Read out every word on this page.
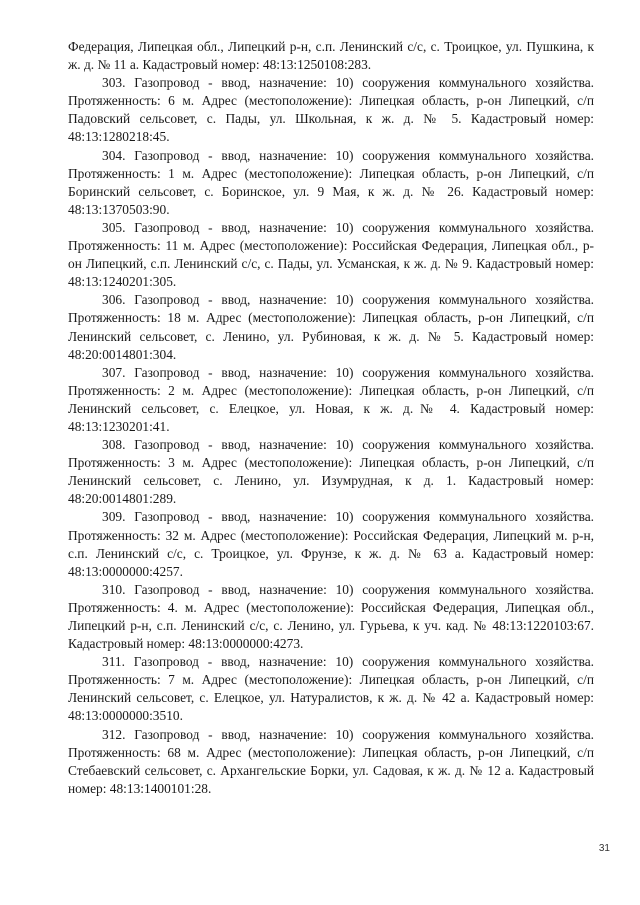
Федерация, Липецкая обл., Липецкий р-н, с.п. Ленинский с/с, с. Троицкое, ул. Пушкина, к ж. д. № 11 а. Кадастровый номер: 48:13:1250108:283.

303. Газопровод - ввод, назначение: 10) сооружения коммунального хозяйства. Протяженность: 6 м. Адрес (местоположение): Липецкая область, р-он Липецкий, с/п Падовский сельсовет, с. Пады, ул. Школьная, к ж. д. № 5. Кадастровый номер: 48:13:1280218:45.

304. Газопровод - ввод, назначение: 10) сооружения коммунального хозяйства. Протяженность: 1 м. Адрес (местоположение): Липецкая область, р-он Липецкий, с/п Боринский сельсовет, с. Боринское, ул. 9 Мая, к ж. д. № 26. Кадастровый номер: 48:13:1370503:90.

305. Газопровод - ввод, назначение: 10) сооружения коммунального хозяйства. Протяженность: 11 м. Адрес (местоположение): Российская Федерация, Липецкая обл., р-он Липецкий, с.п. Ленинский с/с, с. Пады, ул. Усманская, к ж. д. № 9. Кадастровый номер: 48:13:1240201:305.

306. Газопровод - ввод, назначение: 10) сооружения коммунального хозяйства. Протяженность: 18 м. Адрес (местоположение): Липецкая область, р-он Липецкий, с/п Ленинский сельсовет, с. Ленино, ул. Рубиновая, к ж. д. № 5. Кадастровый номер: 48:20:0014801:304.

307. Газопровод - ввод, назначение: 10) сооружения коммунального хозяйства. Протяженность: 2 м. Адрес (местоположение): Липецкая область, р-он Липецкий, с/п Ленинский сельсовет, с. Елецкое, ул. Новая, к ж. д.№ 4. Кадастровый номер: 48:13:1230201:41.

308. Газопровод - ввод, назначение: 10) сооружения коммунального хозяйства. Протяженность: 3 м. Адрес (местоположение): Липецкая область, р-он Липецкий, с/п Ленинский сельсовет, с. Ленино, ул. Изумрудная, к д. 1. Кадастровый номер: 48:20:0014801:289.

309. Газопровод - ввод, назначение: 10) сооружения коммунального хозяйства. Протяженность: 32 м. Адрес (местоположение): Российская Федерация, Липецкий м. р-н, с.п. Ленинский с/с, с. Троицкое, ул. Фрунзе, к ж. д. № 63 а. Кадастровый номер: 48:13:0000000:4257.

310. Газопровод - ввод, назначение: 10) сооружения коммунального хозяйства. Протяженность: 4. м. Адрес (местоположение): Российская Федерация, Липецкая обл., Липецкий р-н, с.п. Ленинский с/с, с. Ленино, ул. Гурьева, к уч. кад. № 48:13:1220103:67. Кадастровый номер: 48:13:0000000:4273.

311. Газопровод - ввод, назначение: 10) сооружения коммунального хозяйства. Протяженность: 7 м. Адрес (местоположение): Липецкая область, р-он Липецкий, с/п Ленинский сельсовет, с. Елецкое, ул. Натуралистов, к ж. д. № 42 а. Кадастровый номер: 48:13:0000000:3510.

312. Газопровод - ввод, назначение: 10) сооружения коммунального хозяйства. Протяженность: 68 м. Адрес (местоположение): Липецкая область, р-он Липецкий, с/п Стебаевский сельсовет, с. Архангельские Борки, ул. Садовая, к ж. д. № 12 а. Кадастровый номер: 48:13:1400101:28.

31
